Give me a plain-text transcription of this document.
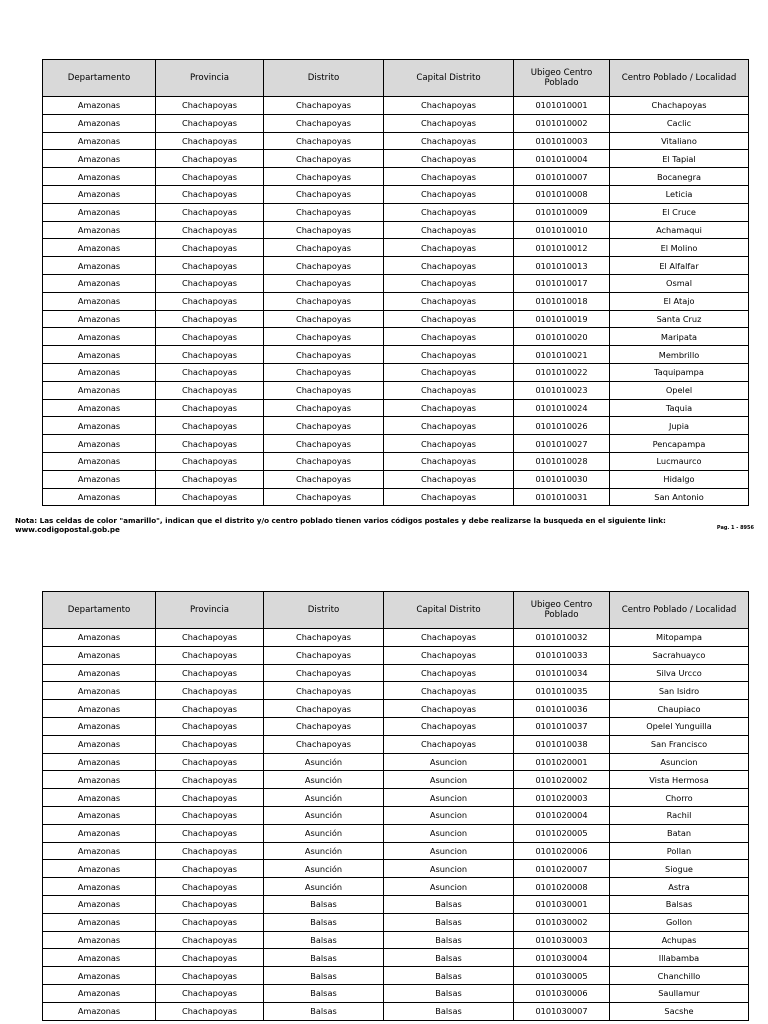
Departamento	Provincia	Distrito	Capital Distrito	Ubigeo Centro Poblado	Centro Poblado / Localidad
Amazonas	Chachapoyas	Chachapoyas	Chachapoyas	0101010001	Chachapoyas
Amazonas	Chachapoyas	Chachapoyas	Chachapoyas	0101010002	Caclic
Amazonas	Chachapoyas	Chachapoyas	Chachapoyas	0101010003	Vitaliano
Amazonas	Chachapoyas	Chachapoyas	Chachapoyas	0101010004	El Tapial
Amazonas	Chachapoyas	Chachapoyas	Chachapoyas	0101010007	Bocanegra
Amazonas	Chachapoyas	Chachapoyas	Chachapoyas	0101010008	Leticia
Amazonas	Chachapoyas	Chachapoyas	Chachapoyas	0101010009	El Cruce
Amazonas	Chachapoyas	Chachapoyas	Chachapoyas	0101010010	Achamaqui
Amazonas	Chachapoyas	Chachapoyas	Chachapoyas	0101010012	El Molino
Amazonas	Chachapoyas	Chachapoyas	Chachapoyas	0101010013	El Alfalfar
Amazonas	Chachapoyas	Chachapoyas	Chachapoyas	0101010017	Osmal
Amazonas	Chachapoyas	Chachapoyas	Chachapoyas	0101010018	El Atajo
Amazonas	Chachapoyas	Chachapoyas	Chachapoyas	0101010019	Santa Cruz
Amazonas	Chachapoyas	Chachapoyas	Chachapoyas	0101010020	Maripata
Amazonas	Chachapoyas	Chachapoyas	Chachapoyas	0101010021	Membrillo
Amazonas	Chachapoyas	Chachapoyas	Chachapoyas	0101010022	Taquipampa
Amazonas	Chachapoyas	Chachapoyas	Chachapoyas	0101010023	Opelel
Amazonas	Chachapoyas	Chachapoyas	Chachapoyas	0101010024	Taquia
Amazonas	Chachapoyas	Chachapoyas	Chachapoyas	0101010026	Jupia
Amazonas	Chachapoyas	Chachapoyas	Chachapoyas	0101010027	Pencapampa
Amazonas	Chachapoyas	Chachapoyas	Chachapoyas	0101010028	Lucmaurco
Amazonas	Chachapoyas	Chachapoyas	Chachapoyas	0101010030	Hidalgo
Amazonas	Chachapoyas	Chachapoyas	Chachapoyas	0101010031	San Antonio
Nota: Las celdas de color "amarillo", indican que el distrito y/o centro poblado tienen varios códigos postales y debe realizarse la busqueda en el siguiente link:
www.codigopostal.gob.pe	Pag. 1 - 8956
Departamento	Provincia	Distrito	Capital Distrito	Ubigeo Centro Poblado	Centro Poblado / Localidad
Amazonas	Chachapoyas	Chachapoyas	Chachapoyas	0101010032	Mitopampa
Amazonas	Chachapoyas	Chachapoyas	Chachapoyas	0101010033	Sacrahuayco
Amazonas	Chachapoyas	Chachapoyas	Chachapoyas	0101010034	Silva Urcco
Amazonas	Chachapoyas	Chachapoyas	Chachapoyas	0101010035	San Isidro
Amazonas	Chachapoyas	Chachapoyas	Chachapoyas	0101010036	Chaupiaco
Amazonas	Chachapoyas	Chachapoyas	Chachapoyas	0101010037	Opelel Yunguilla
Amazonas	Chachapoyas	Chachapoyas	Chachapoyas	0101010038	San Francisco
Amazonas	Chachapoyas	Asunción	Asuncion	0101020001	Asuncion
Amazonas	Chachapoyas	Asunción	Asuncion	0101020002	Vista Hermosa
Amazonas	Chachapoyas	Asunción	Asuncion	0101020003	Chorro
Amazonas	Chachapoyas	Asunción	Asuncion	0101020004	Rachil
Amazonas	Chachapoyas	Asunción	Asuncion	0101020005	Batan
Amazonas	Chachapoyas	Asunción	Asuncion	0101020006	Pollan
Amazonas	Chachapoyas	Asunción	Asuncion	0101020007	Siogue
Amazonas	Chachapoyas	Asunción	Asuncion	0101020008	Astra
Amazonas	Chachapoyas	Balsas	Balsas	0101030001	Balsas
Amazonas	Chachapoyas	Balsas	Balsas	0101030002	Gollon
Amazonas	Chachapoyas	Balsas	Balsas	0101030003	Achupas
Amazonas	Chachapoyas	Balsas	Balsas	0101030004	Illabamba
Amazonas	Chachapoyas	Balsas	Balsas	0101030005	Chanchillo
Amazonas	Chachapoyas	Balsas	Balsas	0101030006	Saullamur
Amazonas	Chachapoyas	Balsas	Balsas	0101030007	Sacshe
